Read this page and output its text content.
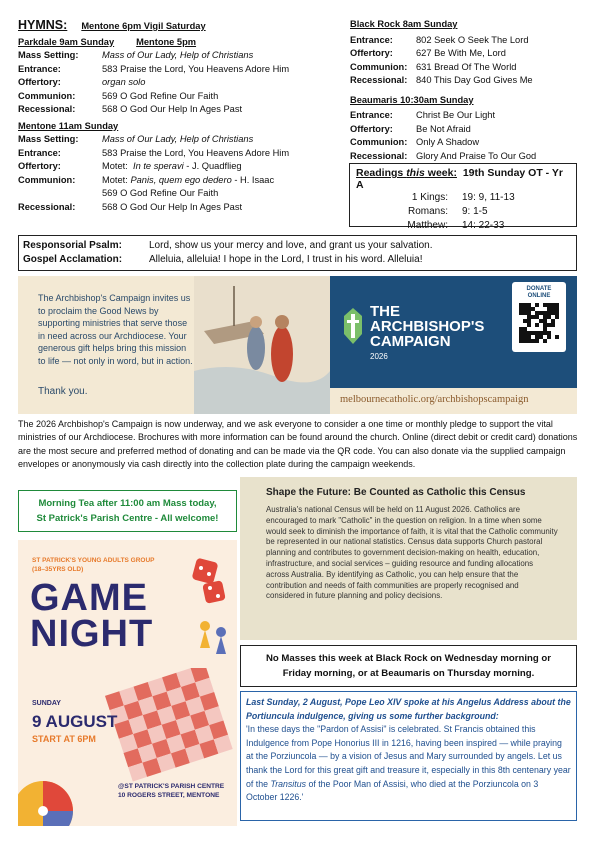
HYMNS: Mentone 6pm Vigil Saturday
Parkdale 9am Sunday Mentone 5pm
Mass Setting:	Mass of Our Lady, Help of Christians
Entrance:	583 Praise the Lord, You Heavens Adore Him
Offertory:	organ solo
Communion:	569 O God Refine Our Faith
Recessional:	568 O God Our Help In Ages Past
Mentone 11am Sunday
Mass Setting:	Mass of Our Lady, Help of Christians
Entrance:	583 Praise the Lord, You Heavens Adore Him
Offertory:	Motet: In te speravi - J. Quadflieg
Communion:	Motet: Panis, quem ego dedero - H. Isaac
569 O God Refine Our Faith
Recessional:	568 O God Our Help In Ages Past
Black Rock 8am Sunday
Entrance:	802 Seek O Seek The Lord
Offertory:	627 Be With Me, Lord
Communion: 631 Bread Of The World
Recessional: 840 This Day God Gives Me
Beaumaris 10:30am Sunday
Entrance:	Christ Be Our Light
Offertory:	Be Not Afraid
Communion: Only A Shadow
Recessional: Glory And Praise To Our God
Readings this week: 19th Sunday OT - Yr A
1 Kings: 19: 9, 11-13
Romans: 9: 1-5
Matthew: 14: 22-33
Responsorial Psalm:	Lord, show us your mercy and love, and grant us your salvation.
Gospel Acclamation:	Alleluia, alleluia! I hope in the Lord, I trust in his word. Alleluia!
The Archbishop's Campaign invites us to proclaim the Good News by supporting ministries that serve those in need across our Archdiocese. Your generous gift helps bring this mission to life — not only in word, but in action.
Thank you.
THE
ARCHBISHOP'S
CAMPAIGN
2026
DONATE ONLINE
melbournecatholic.org/archbishopscampaign
The 2026 Archbishop's Campaign is now underway, and we ask everyone to consider a one time or monthly pledge to support the vital ministries of our Archdiocese. Brochures with more information can be found around the church. Online (direct debit or credit card) donations are the most secure and preferred method of donating and can be made via the QR code. You can also donate via the supplied campaign envelopes or anonymously via cash directly into the collection plate during the campaign weekends.
Morning Tea after 11:00 am Mass today,
St Patrick's Parish Centre - All welcome!
ST PATRICK'S YOUNG ADULTS GROUP
(18–35YRS OLD)
GAME
NIGHT
SUNDAY
9 AUGUST
START AT 6PM
@ST PATRICK'S PARISH CENTRE 10 ROGERS STREET, MENTONE
Shape the Future: Be Counted as Catholic this Census
Australia's national Census will be held on 11 August 2026. Catholics are encouraged to mark "Catholic" in the question on religion. In a time when some would seek to diminish the importance of faith, it is vital that the Catholic community be represented in our national statistics. Census data supports Church pastoral planning and contributes to government decision-making on health, education, infrastructure, and social services – guiding resource and funding allocations across Australia. By identifying as Catholic, you can help ensure that the contribution and needs of faith communities are properly recognised and considered in future planning and policy decisions.
No Masses this week at Black Rock on Wednesday morning or Friday morning, or at Beaumaris on Thursday morning.
Last Sunday, 2 August, Pope Leo XIV spoke at his Angelus Address about the Portiuncula indulgence, giving us some further background:
'In these days the "Pardon of Assisi" is celebrated. St Francis obtained this Indulgence from Pope Honorius III in 1216, having been inspired — while praying at the Porziuncola — by a vision of Jesus and Mary surrounded by angels. Let us thank the Lord for this great gift and treasure it, especially in this 8th centenary year of the Transitus of the Poor Man of Assisi, who died at the Porziuncola on 3 October 1226.'
